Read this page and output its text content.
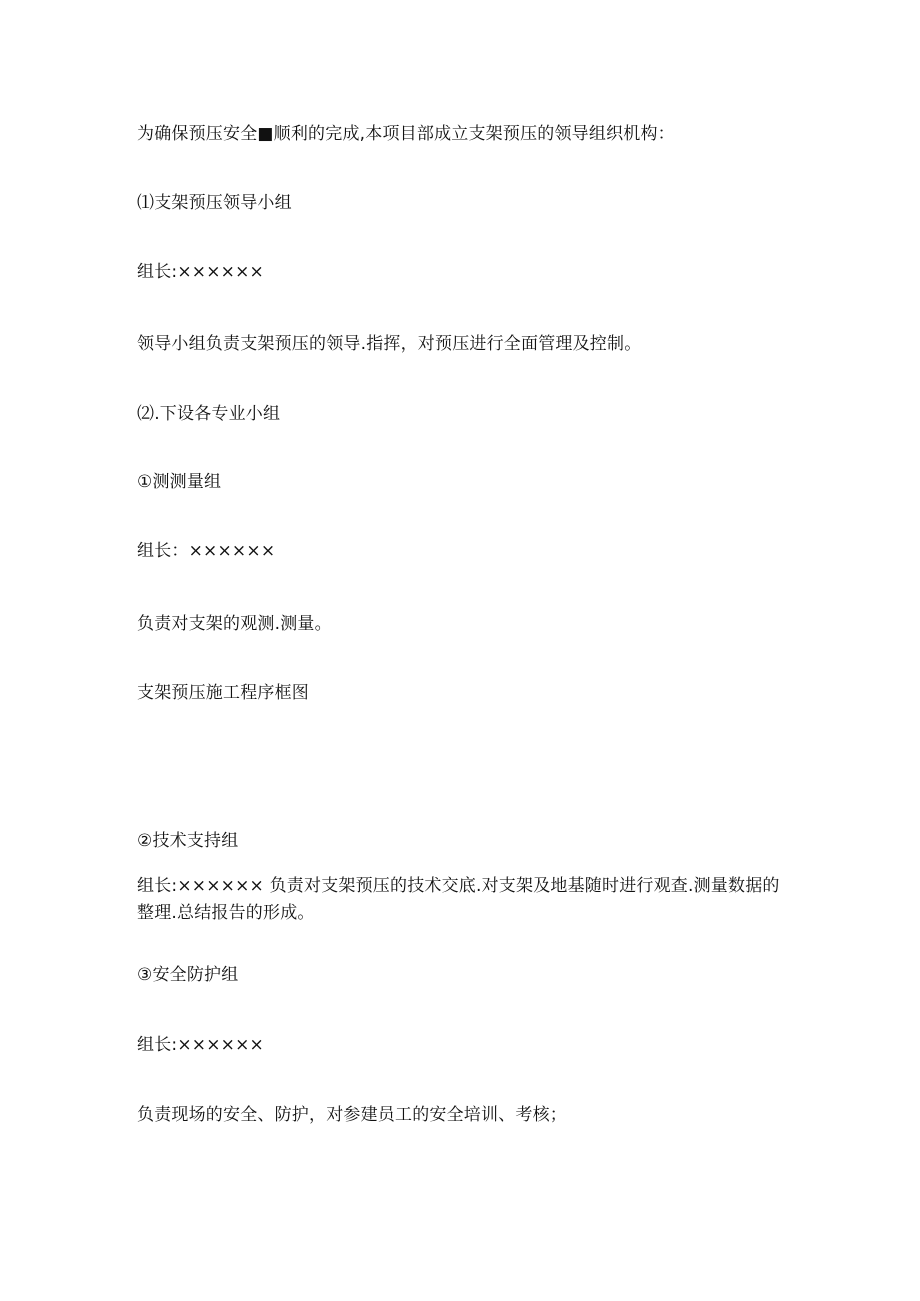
为确保预压安全■顺利的完成,本项目部成立支架预压的领导组织机构：
⑴支架预压领导小组
组长:××××××
领导小组负责支架预压的领导.指挥，对预压进行全面管理及控制。
⑵.下设各专业小组
①测测量组
组长：××××××
负责对支架的观测.测量。
支架预压施工程序框图
②技术支持组
组长:×××××× 负责对支架预压的技术交底.对支架及地基随时进行观查.测量数据的 整理.总结报告的形成。
③安全防护组
组长:××××××
负责现场的安全、防护，对参建员工的安全培训、考核；
